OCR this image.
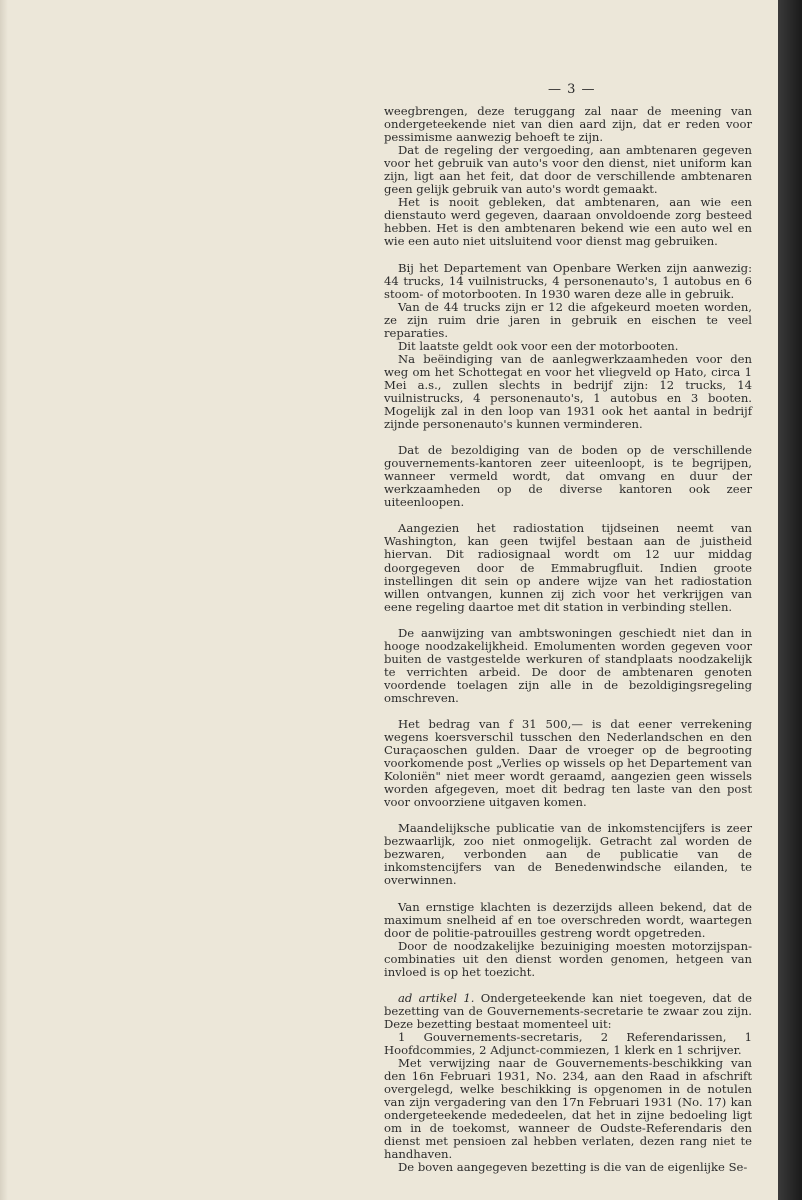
— 3 —

weegbrengen, deze teruggang zal naar de meening van ondergeteekende niet van dien aard zijn, dat er reden voor pessimisme aanwezig behoeft te zijn.

Dat de regeling der vergoeding, aan ambtenaren gegeven voor het gebruik van auto's voor den dienst, niet uniform kan zijn, ligt aan het feit, dat door de verschillende ambtenaren geen gelijk gebruik van auto's wordt gemaakt.

Het is nooit gebleken, dat ambtenaren, aan wie een dienstauto werd gegeven, daaraan onvoldoende zorg besteed hebben. Het is den ambtenaren bekend wie een auto wel en wie een auto niet uitsluitend voor dienst mag gebruiken.

Bij het Departement van Openbare Werken zijn aanwezig: 44 trucks, 14 vuilnistrucks, 4 personenauto's, 1 autobus en 6 stoom- of motorbooten. In 1930 waren deze alle in gebruik.

Van de 44 trucks zijn er 12 die afgekeurd moeten worden, ze zijn ruim drie jaren in gebruik en eischen te veel reparaties.

Dit laatste geldt ook voor een der motorbooten.

Na beëindiging van de aanlegwerkzaamheden voor den weg om het Schottegat en voor het vliegveld op Hato, circa 1 Mei a.s., zullen slechts in bedrijf zijn: 12 trucks, 14 vuilnistrucks, 4 personenauto's, 1 autobus en 3 booten. Mogelijk zal in den loop van 1931 ook het aantal in bedrijf zijnde personenauto's kunnen verminderen.

Dat de bezoldiging van de boden op de verschillende gouvernements-kantoren zeer uiteenloopt, is te begrijpen, wanneer vermeld wordt, dat omvang en duur der werkzaamheden op de diverse kantoren ook zeer uiteenloopen.

Aangezien het radiostation tijdseinen neemt van Washington, kan geen twijfel bestaan aan de juistheid hiervan. Dit radiosignaal wordt om 12 uur middag doorgegeven door de Emmabrugfluit. Indien groote instellingen dit sein op andere wijze van het radiostation willen ontvangen, kunnen zij zich voor het verkrijgen van eene regeling daartoe met dit station in verbinding stellen.

De aanwijzing van ambtswoningen geschiedt niet dan in hooge noodzakelijkheid. Emolumenten worden gegeven voor buiten de vastgestelde werkuren of standplaats noodzakelijk te verrichten arbeid. De door de ambtenaren genoten voordende toelagen zijn alle in de bezoldigingsregeling omschreven.

Het bedrag van f 31 500,— is dat eener verrekening wegens koersverschil tusschen den Nederlandschen en den Curaçaoschen gulden. Daar de vroeger op de begrooting voorkomende post „Verlies op wissels op het Departement van Koloniën" niet meer wordt geraamd, aangezien geen wissels worden afgegeven, moet dit bedrag ten laste van den post voor onvoorziene uitgaven komen.

Maandelijksche publicatie van de inkomstencijfers is zeer bezwaarlijk, zoo niet onmogelijk. Getracht zal worden de bezwaren, verbonden aan de publicatie van de inkomstencijfers van de Benedenwindsche eilanden, te overwinnen.

Van ernstige klachten is dezerzijds alleen bekend, dat de maximum snelheid af en toe overschreden wordt, waartegen door de politie-patrouilles gestreng wordt opgetreden.

Door de noodzakelijke bezuiniging moesten motorzijspan-combinaties uit den dienst worden genomen, hetgeen van invloed is op het toezicht.

ad artikel 1. Ondergeteekende kan niet toegeven, dat de bezetting van de Gouvernements-secretarie te zwaar zou zijn. Deze bezetting bestaat momenteel uit:

1 Gouvernements-secretaris, 2 Referendarissen, 1 Hoofdcommies, 2 Adjunct-commiezen, 1 klerk en 1 schrijver.

Met verwijzing naar de Gouvernements-beschikking van den 16n Februari 1931, No. 234, aan den Raad in afschrift overgelegd, welke beschikking is opgenomen in de notulen van zijn vergadering van den 17n Februari 1931 (No. 17) kan ondergeteekende mededeelen, dat het in zijne bedoeling ligt om in de toekomst, wanneer de Oudste-Referendaris den dienst met pensioen zal hebben verlaten, dezen rang niet te handhaven.

De boven aangegeven bezetting is die van de eigenlijke Se-
